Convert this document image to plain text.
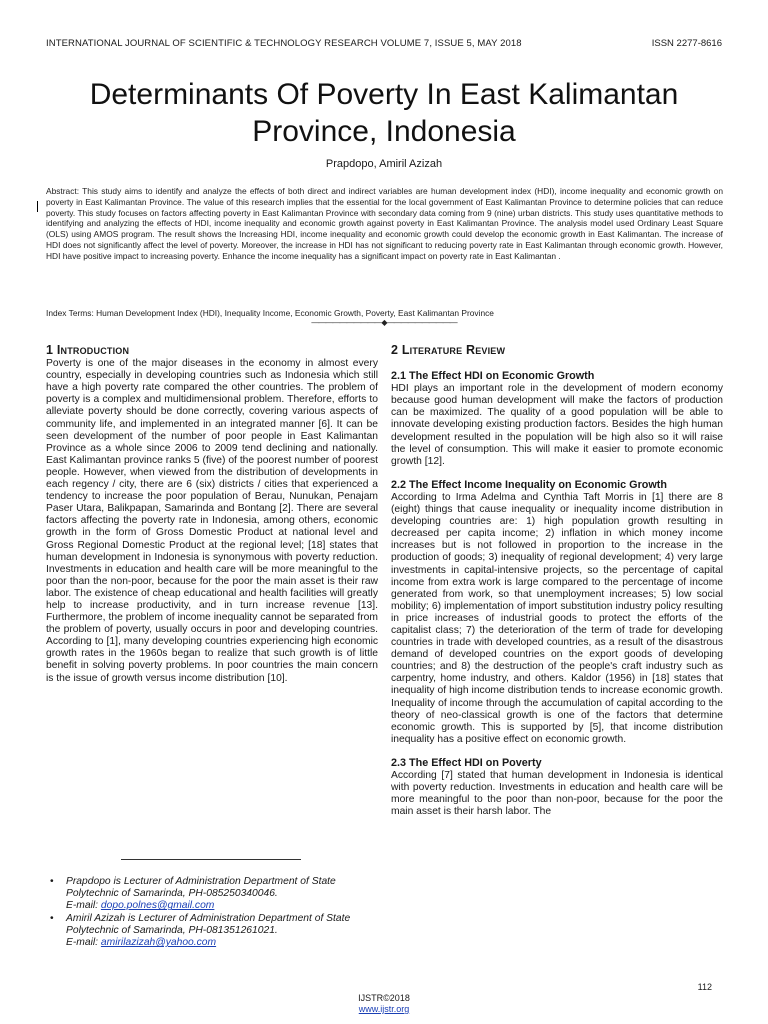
INTERNATIONAL JOURNAL OF SCIENTIFIC & TECHNOLOGY RESEARCH VOLUME 7, ISSUE 5, MAY 2018	ISSN 2277-8616
Determinants Of Poverty In East Kalimantan Province, Indonesia
Prapdopo, Amiril Azizah
Abstract: This study aims to identify and analyze the effects of both direct and indirect variables are human development index (HDI), income inequality and economic growth on poverty in East Kalimantan Province. The value of this research implies that the essential for the local government of East Kalimantan Province to determine policies that can reduce poverty. This study focuses on factors affecting poverty in East Kalimantan Province with secondary data coming from 9 (nine) urban districts. This study uses quantitative methods to identifying and analyzing the effects of HDI, income inequality and economic growth against poverty in East Kalimantan Province. The analysis model used Ordinary Least Square (OLS) using AMOS program. The result shows the Increasing HDI, income inequality and economic growth could develop the economic growth in East Kalimantan. The increase of HDI does not significantly affect the level of poverty. Moreover, the increase in HDI has not significant to reducing poverty rate in East Kalimantan through economic growth. However, HDI have positive impact to increasing poverty. Enhance the income inequality has a significant impact on poverty rate in East Kalimantan .
Index Terms: Human Development Index (HDI), Inequality Income, Economic Growth, Poverty, East Kalimantan Province
——————————◆——————————
1 Introduction

Poverty is one of the major diseases in the economy in almost every country, especially in developing countries such as Indonesia which still have a high poverty rate compared the other countries. The problem of poverty is a complex and multidimensional problem. Therefore, efforts to alleviate poverty should be done correctly, covering various aspects of community life, and implemented in an integrated manner [6]. It can be seen development of the number of poor people in East Kalimantan Province as a whole since 2006 to 2009 tend declining and nationally. East Kalimantan province ranks 5 (five) of the poorest number of poorest people. However, when viewed from the distribution of developments in each regency / city, there are 6 (six) districts / cities that experienced a tendency to increase the poor population of Berau, Nunukan, Penajam Paser Utara, Balikpapan, Samarinda and Bontang [2]. There are several factors affecting the poverty rate in Indonesia, among others, economic growth in the form of Gross Domestic Product at national level and Gross Regional Domestic Product at the regional level; [18] states that human development in Indonesia is synonymous with poverty reduction. Investments in education and health care will be more meaningful to the poor than the non-poor, because for the poor the main asset is their raw labor. The existence of cheap educational and health facilities will greatly help to increase productivity, and in turn increase revenue [13]. Furthermore, the problem of income inequality cannot be separated from the problem of poverty, usually occurs in poor and developing countries. According to [1], many developing countries experiencing high economic growth rates in the 1960s began to realize that such growth is of little benefit in solving poverty problems. In poor countries the main concern is the issue of growth versus income distribution [10].

• Prapdopo is Lecturer of Administration Department of State Polytechnic of Samarinda, PH-085250340046.
E-mail: dopo.polnes@gmail.com
• Amiril Azizah is Lecturer of Administration Department of State Polytechnic of Samarinda, PH-081351261021.
E-mail: amirilazizah@yahoo.com
2 Literature Review
2.1 The Effect HDI on Economic Growth

HDI plays an important role in the development of modern economy because good human development will make the factors of production can be maximized. The quality of a good population will be able to innovate developing existing production factors. Besides the high human development resulted in the population will be high also so it will raise the level of consumption. This will make it easier to promote economic growth [12].

2.2 The Effect Income Inequality on Economic Growth

According to Irma Adelma and Cynthia Taft Morris in [1] there are 8 (eight) things that cause inequality or inequality income distribution in developing countries are: 1) high population growth resulting in decreased per capita income; 2) inflation in which money income increases but is not followed in proportion to the increase in the production of goods; 3) inequality of regional development; 4) very large investments in capital-intensive projects, so the percentage of capital income from extra work is large compared to the percentage of income generated from work, so that unemployment increases; 5) low social mobility; 6) implementation of import substitution industry policy resulting in price increases of industrial goods to protect the efforts of the capitalist class; 7) the deterioration of the term of trade for developing countries in trade with developed countries, as a result of the disastrous demand of developed countries on the export goods of developing countries; and 8) the destruction of the people's craft industry such as carpentry, home industry, and others. Kaldor (1956) in [18] states that inequality of high income distribution tends to increase economic growth. Inequality of income through the accumulation of capital according to the theory of neo-classical growth is one of the factors that determine economic growth. This is supported by [5], that income distribution inequality has a positive effect on economic growth.

2.3 The Effect HDI on Poverty

According [7] stated that human development in Indonesia is identical with poverty reduction. Investments in education and health care will be more meaningful to the poor than non-poor, because for the poor the main asset is their harsh labor. The

112
IJSTR©2018
www.ijstr.org
